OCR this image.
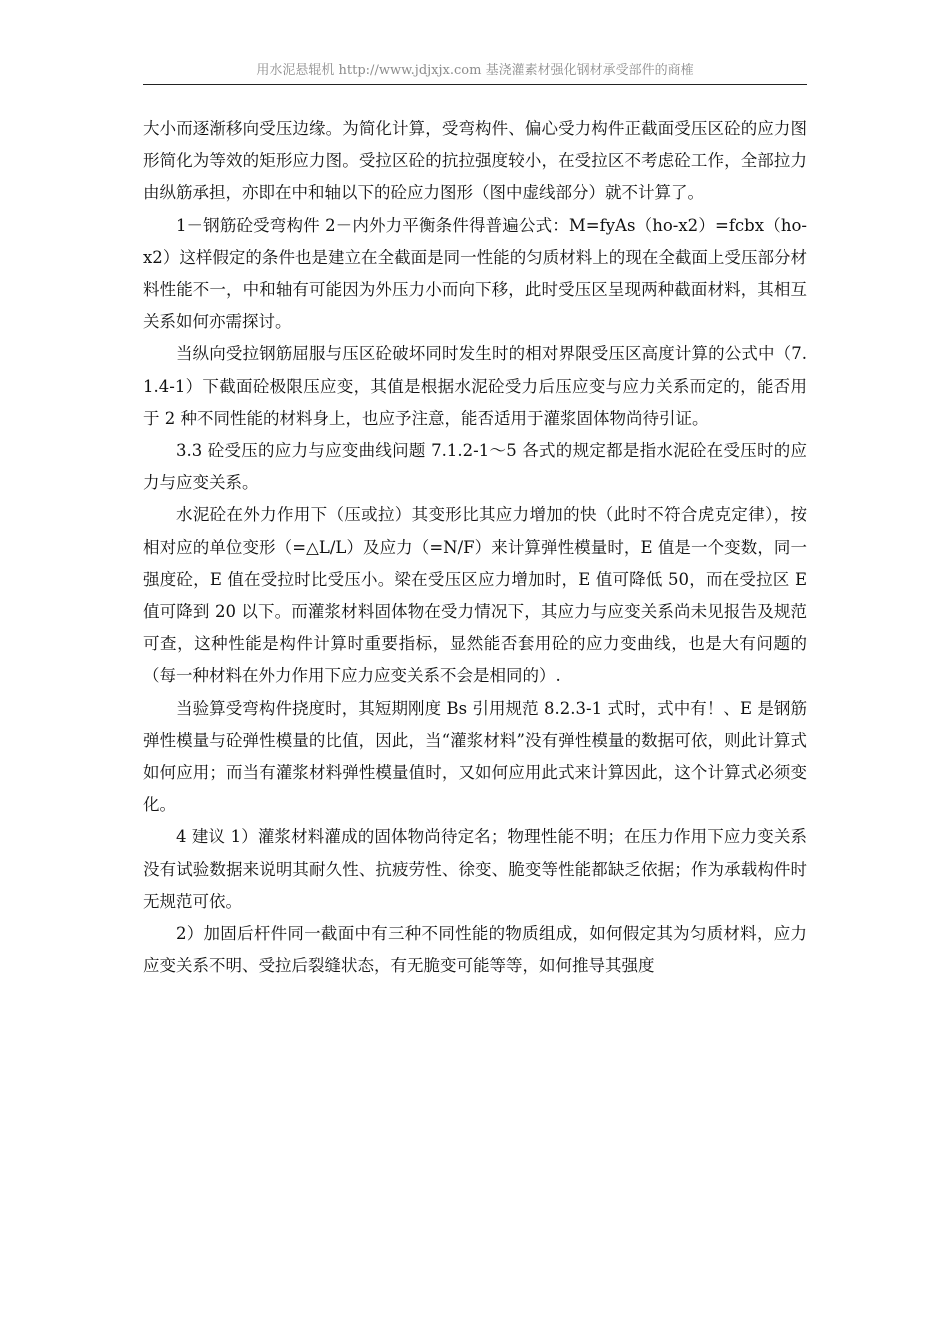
用水泥悬辊机 http://www.jdjxjx.com 基浇灌素材强化钢材承受部件的商榷

大小而逐渐移向受压边缘。为简化计算，受弯构件、偏心受力构件正截面受压区砼的应力图形简化为等效的矩形应力图。受拉区砼的抗拉强度较小，在受拉区不考虑砼工作，全部拉力由纵筋承担，亦即在中和轴以下的砼应力图形（图中虚线部分）就不计算了。

1－钢筋砼受弯构件 2－内外力平衡条件得普遍公式：M=fyAs（ho-x2）=fcbx（ho-x2）这样假定的条件也是建立在全截面是同一性能的匀质材料上的现在全截面上受压部分材料性能不一，中和轴有可能因为外压力小而向下移，此时受压区呈现两种截面材料，其相互关系如何亦需探讨。

当纵向受拉钢筋屈服与压区砼破坏同时发生时的相对界限受压区高度计算的公式中（7.1.4-1）下截面砼极限压应变，其值是根据水泥砼受力后压应变与应力关系而定的，能否用于 2 种不同性能的材料身上，也应予注意，能否适用于灌浆固体物尚待引证。

3.3 砼受压的应力与应变曲线问题 7.1.2-1～5 各式的规定都是指水泥砼在受压时的应力与应变关系。

水泥砼在外力作用下（压或拉）其变形比其应力增加的快（此时不符合虎克定律），按相对应的单位变形（=△L/L）及应力（=N/F）来计算弹性模量时，E 值是一个变数，同一强度砼，E 值在受拉时比受压小。梁在受压区应力增加时，E 值可降低 50，而在受拉区 E 值可降到 20 以下。而灌浆材料固体物在受力情况下，其应力与应变关系尚未见报告及规范可查，这种性能是构件计算时重要指标，显然能否套用砼的应力变曲线，也是大有问题的（每一种材料在外力作用下应力应变关系不会是相同的）.

当验算受弯构件挠度时，其短期刚度 Bs 引用规范 8.2.3-1 式时，式中有！、E 是钢筋弹性模量与砼弹性模量的比值，因此，当“灌浆材料”没有弹性模量的数据可依，则此计算式如何应用；而当有灌浆材料弹性模量值时，又如何应用此式来计算因此，这个计算式必须变化。

4 建议 1）灌浆材料灌成的固体物尚待定名；物理性能不明；在压力作用下应力变关系没有试验数据来说明其耐久性、抗疲劳性、徐变、脆变等性能都缺乏依据；作为承载构件时无规范可依。

2）加固后杆件同一截面中有三种不同性能的物质组成，如何假定其为匀质材料，应力应变关系不明、受拉后裂缝状态，有无脆变可能等等，如何推导其强度
